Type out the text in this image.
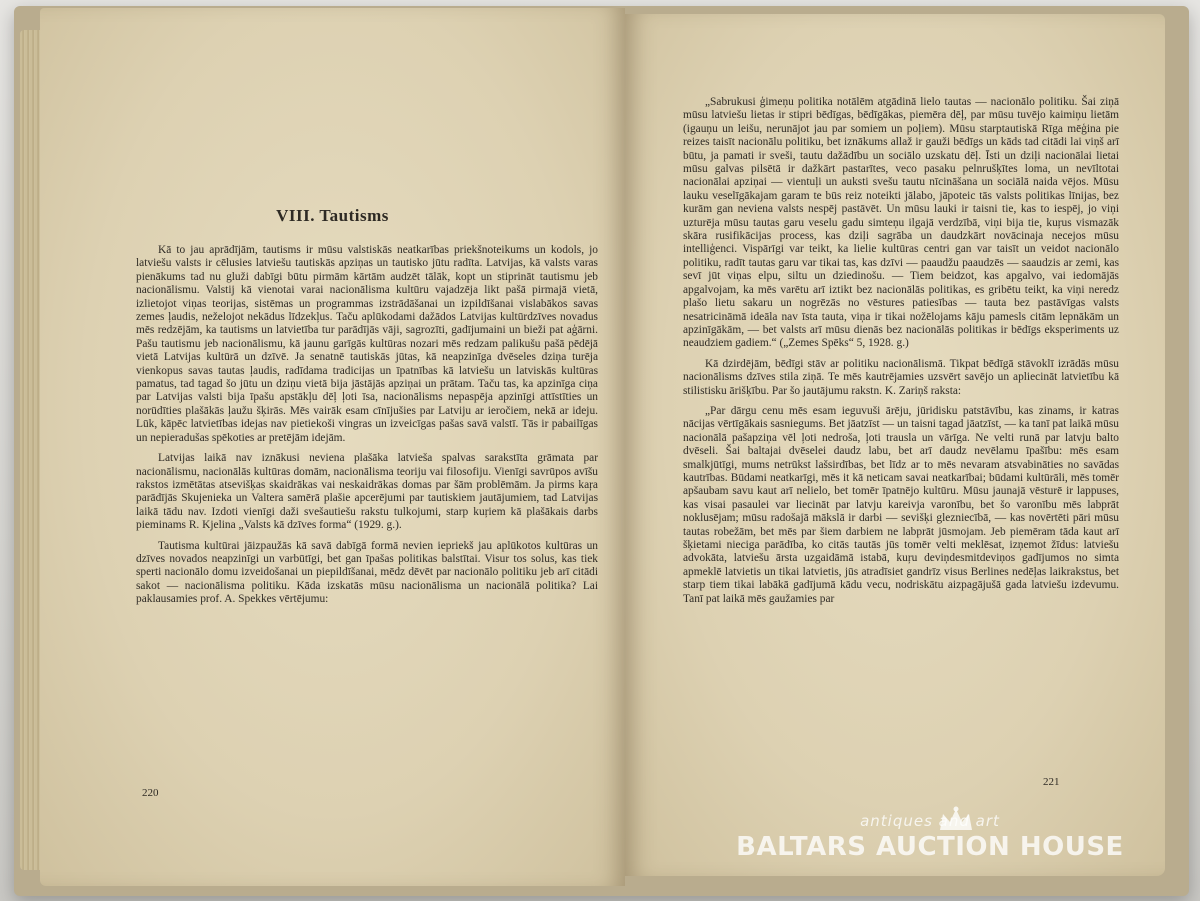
VIII. Tautisms

Kā to jau aprādījām, tautisms ir mūsu valstiskās neatkarības priekšnoteikums un kodols, jo latviešu valsts ir cēlusies latviešu tautiskās apziņas un tautisko jūtu radīta. Latvijas, kā valsts varas pienākums tad nu gluži dabīgi būtu pirmām kārtām audzēt tālāk, kopt un stiprināt tautismu jeb nacionālismu. Valstij kā vienotai varai nacionālisma kultūru vajadzēja likt pašā pirmajā vietā, izlietojot viņas teorijas, sistēmas un programmas izstrādāšanai un izpildīšanai vislabākos savas zemes ļaudis, neželojot nekādus līdzekļus. Taču aplūkodami dažādos Latvijas kultūrdzīves novadus mēs redzējām, ka tautisms un latvietība tur parādījās vāji, sagrozīti, gadījumaini un bieži pat aģārni. Pašu tautismu jeb nacionālismu, kā jaunu garīgās kultūras nozari mēs redzam palikušu pašā pēdējā vietā Latvijas kultūrā un dzīvē. Ja senatnē tautiskās jūtas, kā neapzinīga dvēseles dziņa turēja vienkopus savas tautas ļaudis, radīdama tradicijas un īpatnības kā latviešu un latviskās kultūras pamatus, tad tagad šo jūtu un dziņu vietā bija jāstājās apziņai un prātam. Taču tas, ka apzinīga ciņa par Latvijas valsti bija īpašu apstākļu dēļ ļoti īsa, nacionālisms nepaspēja apzinīgi attīstīties un norūdīties plašākās ļaužu šķirās. Mēs vairāk esam cīnījušies par Latviju ar ieročiem, nekā ar ideju. Lūk, kāpēc latvietības idejas nav pietiekoši vingras un izveicīgas pašas savā valstī. Tās ir pabailīgas un nepieradušas spēkoties ar pretējām idejām.

Latvijas laikā nav iznākusi neviena plašāka latvieša spalvas sarakstīta grāmata par nacionālismu, nacionālās kultūras domām, nacionālisma teoriju vai filosofiju. Vienīgi savrūpos avīšu rakstos izmētātas atsevišķas skaidrākas vai neskaidrākas domas par šām problēmām. Ja pirms kaŗa parādījās Skujenieka un Valtera samērā plašie apcerējumi par tautiskiem jautājumiem, tad Latvijas laikā tādu nav. Izdoti vienīgi daži svešautiešu rakstu tulkojumi, starp kuŗiem kā plašākais darbs pieminams R. Kjelina „Valsts kā dzīves forma“ (1929. g.).

Tautisma kultūrai jāizpaužās kā savā dabīgā formā nevien iepriekš jau aplūkotos kultūras un dzīves novados neapzinīgi un varbūtīgi, bet gan īpašas politikas balstītai. Visur tos solus, kas tiek sperti nacionālo domu izveidošanai un piepildīšanai, mēdz dēvēt par nacionālo politiku jeb arī citādi sakot — nacionālisma politiku. Kāda izskatās mūsu nacionālisma un nacionālā politika? Lai paklausamies prof. A. Spekkes vērtējumu:

220

„Sabrukusi ģimeņu politika notālēm atgādinā lielo tautas — nacionālo politiku. Šai ziņā mūsu latviešu lietas ir stipri bēdīgas, bēdīgākas, piemēra dēļ, par mūsu tuvējo kaimiņu lietām (igauņu un leišu, nerunājot jau par somiem un poļiem). Mūsu starptautiskā Rīga mēģina pie reizes taisīt nacionālu politiku, bet iznākums allaž ir gauži bēdīgs un kāds tad citādi lai viņš arī būtu, ja pamati ir sveši, tautu dažādību un sociālo uzskatu dēļ. Īsti un dziļi nacionālai lietai mūsu galvas pilsētā ir dažkārt pastarītes, veco pasaku pelnrušķītes loma, un nevīltotai nacionālai apziņai — vientuļi un auksti svešu tautu nīcināšana un sociālā naida vējos. Mūsu lauku veselīgākajam garam te būs reiz noteikti jālabo, jāpoteic tās valsts politikas līnijas, bez kurām gan neviena valsts nespēj pastāvēt. Un mūsu lauki ir taisni tie, kas to iespēj, jo viņi uzturēja mūsu tautas garu veselu gadu simteņu ilgajā verdzībā, viņi bija tie, kuŗus vismazāk skāra rusifikācijas process, kas dziļi sagrāba un daudzkārt novācinaja necejos mūsu intelliģenci. Vispārīgi var teikt, ka lielie kultūras centri gan var taisīt un veidot nacionālo politiku, radīt tautas garu var tikai tas, kas dzīvi — paaudžu paaudzēs — saaudzis ar zemi, kas sevī jūt viņas elpu, siltu un dziedinošu. — Tiem beidzot, kas apgalvo, vai iedomājās apgalvojam, ka mēs varētu arī iztikt bez nacionālās politikas, es gribētu teikt, ka viņi neredz plašo lietu sakaru un nogrēzās no vēstures patiesības — tauta bez pastāvīgas valsts nesatricināmā ideāla nav īsta tauta, viņa ir tikai nožēlojams kāju pamesls citām lepnākām un apzinīgākām, — bet valsts arī mūsu dienās bez nacionālās politikas ir bēdīgs eksperiments uz neaudziem gadiem.“ („Zemes Spēks“ 5, 1928. g.)

Kā dzirdējām, bēdīgi stāv ar politiku nacionālismā. Tikpat bēdīgā stāvoklī izrādās mūsu nacionālisms dzīves stila ziņā. Te mēs kautrējamies uzsvērt savējo un apliecināt latvietību kā stilistisku ārišķību. Par šo jautājumu rakstn. K. Zariņš raksta:

„Par dārgu cenu mēs esam ieguvuši ārēju, jūridisku patstāvību, kas zinams, ir katras nācijas vērtīgākais sasniegums. Bet jāatzīst — un taisni tagad jāatzīst, — ka tanī pat laikā mūsu nacionālā pašapziņa vēl ļoti nedroša, ļoti trausla un vārīga. Ne velti runā par latvju balto dvēseli. Šai baltajai dvēselei daudz labu, bet arī daudz nevēlamu īpašību: mēs esam smalkjūtīgi, mums netrūkst lašsirdības, bet līdz ar to mēs nevaram atsvabināties no savādas kautrības. Būdami neatkarīgi, mēs it kā neticam savai neatkarībai; būdami kultūrāli, mēs tomēr apšaubam savu kaut arī nelielo, bet tomēr īpatnējo kultūru. Mūsu jaunajā vēsturē ir lappuses, kas visai pasaulei var liecināt par latvju kareivja varonību, bet šo varonību mēs labprāt noklusējam; mūsu radošajā mākslā ir darbi — sevišķi glezniecībā, — kas novērtēti pāri mūsu tautas robežām, bet mēs par šiem darbiem ne labprāt jūsmojam. Jeb piemēram tāda kaut arī šķietami nieciga parādība, ko citās tautās jūs tomēr velti meklēsat, izņemot žīdus: latviešu advokāta, latviešu ārsta uzgaidāmā istabā, kuŗu deviņdesmitdeviņos gadījumos no simta apmeklē latvietis un tikai latvietis, jūs atradīsiet gandrīz visus Berlines nedēļas laikrakstus, bet starp tiem tikai labākā gadījumā kādu vecu, nodriskātu aizpagājušā gada latviešu izdevumu. Tanī pat laikā mēs gaužamies par

221
antiques and art
BALTARS AUCTION HOUSE
